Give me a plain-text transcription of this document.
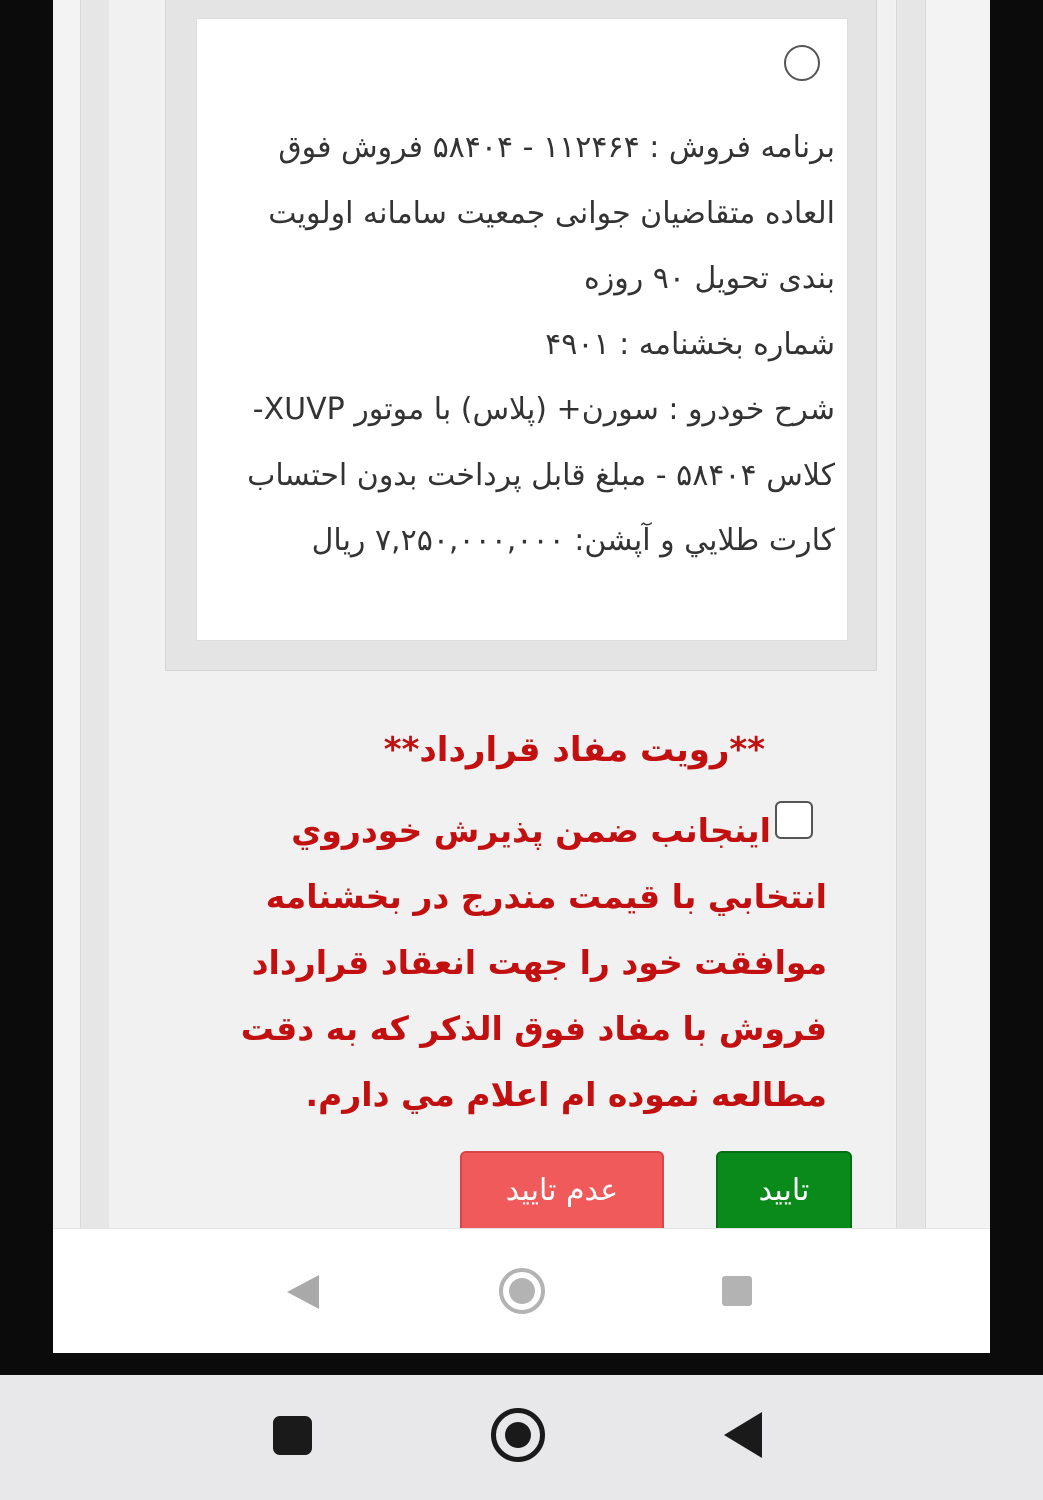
برنامه فروش : ۱۱۲۴۶۴ - ۵۸۴۰۴ فروش فوق العاده متقاضیان جوانی جمعیت سامانه اولویت بندی تحویل ۹۰ روزه
شماره بخشنامه : ۴۹۰۱
شرح خودرو : سورن+ (پلاس) با موتور XUVP-کلاس ۵۸۴۰۴ - مبلغ قابل پرداخت بدون احتساب کارت طلايي و آپشن: ۷,۲۵۰,۰۰۰,۰۰۰ ریال
**رویت مفاد قرارداد**
اینجانب ضمن پذيرش خودروي انتخابي با قيمت مندرج در بخشنامه موافقت خود را جهت انعقاد قرارداد فروش با مفاد فوق الذکر که به دقت مطالعه نموده ام اعلام مي دارم.
تایید
عدم تایید
